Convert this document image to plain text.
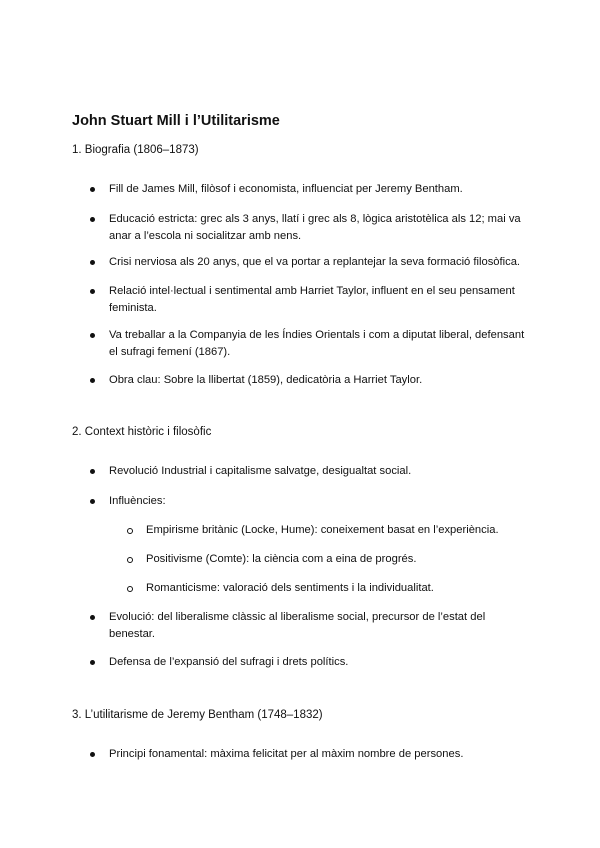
John Stuart Mill i l’Utilitarisme
1. Biografia (1806–1873)
Fill de James Mill, filòsof i economista, influenciat per Jeremy Bentham.
Educació estricta: grec als 3 anys, llatí i grec als 8, lògica aristotèlica als 12; mai va anar a l’escola ni socialitzar amb nens.
Crisi nerviosa als 20 anys, que el va portar a replantejar la seva formació filosòfica.
Relació intel·lectual i sentimental amb Harriet Taylor, influent en el seu pensament feminista.
Va treballar a la Companyia de les Índies Orientals i com a diputat liberal, defensant el sufragi femení (1867).
Obra clau: Sobre la llibertat (1859), dedicatòria a Harriet Taylor.
2. Context històric i filosòfic
Revolució Industrial i capitalisme salvatge, desigualtat social.
Influències:
Empirisme britànic (Locke, Hume): coneixement basat en l’experiència.
Positivisme (Comte): la ciència com a eina de progrés.
Romanticisme: valoració dels sentiments i la individualitat.
Evolució: del liberalisme clàssic al liberalisme social, precursor de l’estat del benestar.
Defensa de l’expansió del sufragi i drets polítics.
3. L’utilitarisme de Jeremy Bentham (1748–1832)
Principi fonamental: màxima felicitat per al màxim nombre de persones.
